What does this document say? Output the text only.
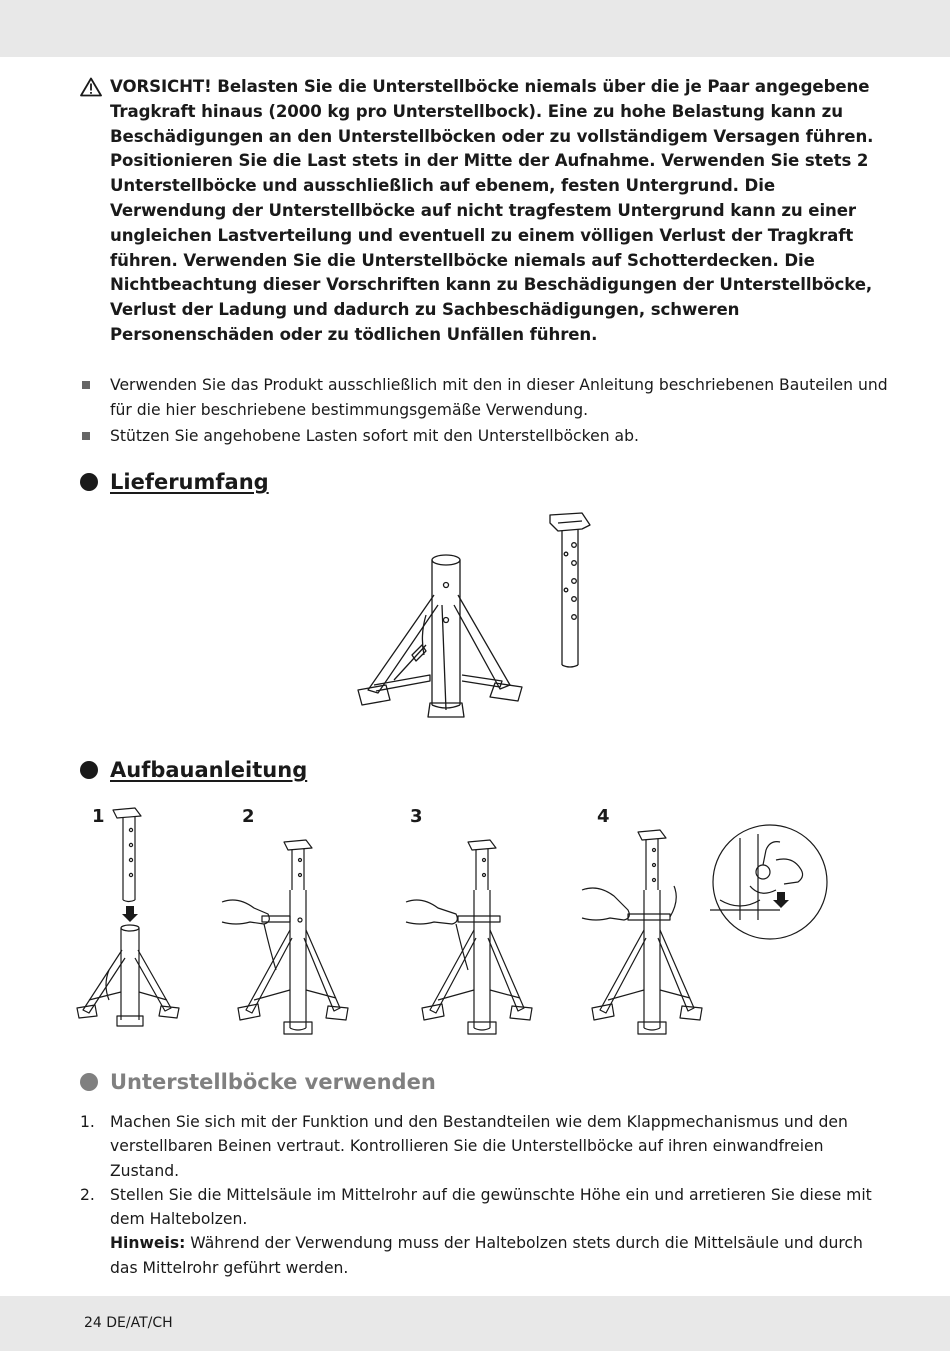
VORSICHT! Belasten Sie die Unterstellböcke niemals über die je Paar angegebene Tragkraft hinaus (2000 kg pro Unterstellbock). Eine zu hohe Belastung kann zu Beschädigungen an den Unterstellböcken oder zu vollständigem Versagen führen. Positionieren Sie die Last stets in der Mitte der Aufnahme. Verwenden Sie stets 2 Unterstellböcke und ausschließlich auf ebenem, festen Untergrund. Die Verwendung der Unterstellböcke auf nicht tragfestem Untergrund kann zu einer ungleichen Lastverteilung und eventuell zu einem völligen Verlust der Tragkraft führen. Verwenden Sie die Unterstellböcke niemals auf Schotterdecken. Die Nichtbeachtung dieser Vorschriften kann zu Beschädigungen der Unterstellböcke, Verlust der Ladung und dadurch zu Sachbeschädigungen, schweren Personenschäden oder zu tödlichen Unfällen führen.
Verwenden Sie das Produkt ausschließlich mit den in dieser Anleitung beschriebenen Bauteilen und für die hier beschriebene bestimmungsgemäße Verwendung.
Stützen Sie angehobene Lasten sofort mit den Unterstellböcken ab.
Lieferumfang
Aufbauanleitung
1	2	3	4
Unterstellböcke verwenden
1. Machen Sie sich mit der Funktion und den Bestandteilen wie dem Klappmechanismus und den verstellbaren Beinen vertraut. Kontrollieren Sie die Unterstellböcke auf ihren einwandfreien Zustand.
2. Stellen Sie die Mittelsäule im Mittelrohr auf die gewünschte Höhe ein und arretieren Sie diese mit dem Haltebolzen.
Hinweis: Während der Verwendung muss der Haltebolzen stets durch die Mittelsäule und durch das Mittelrohr geführt werden.
24 DE/AT/CH
